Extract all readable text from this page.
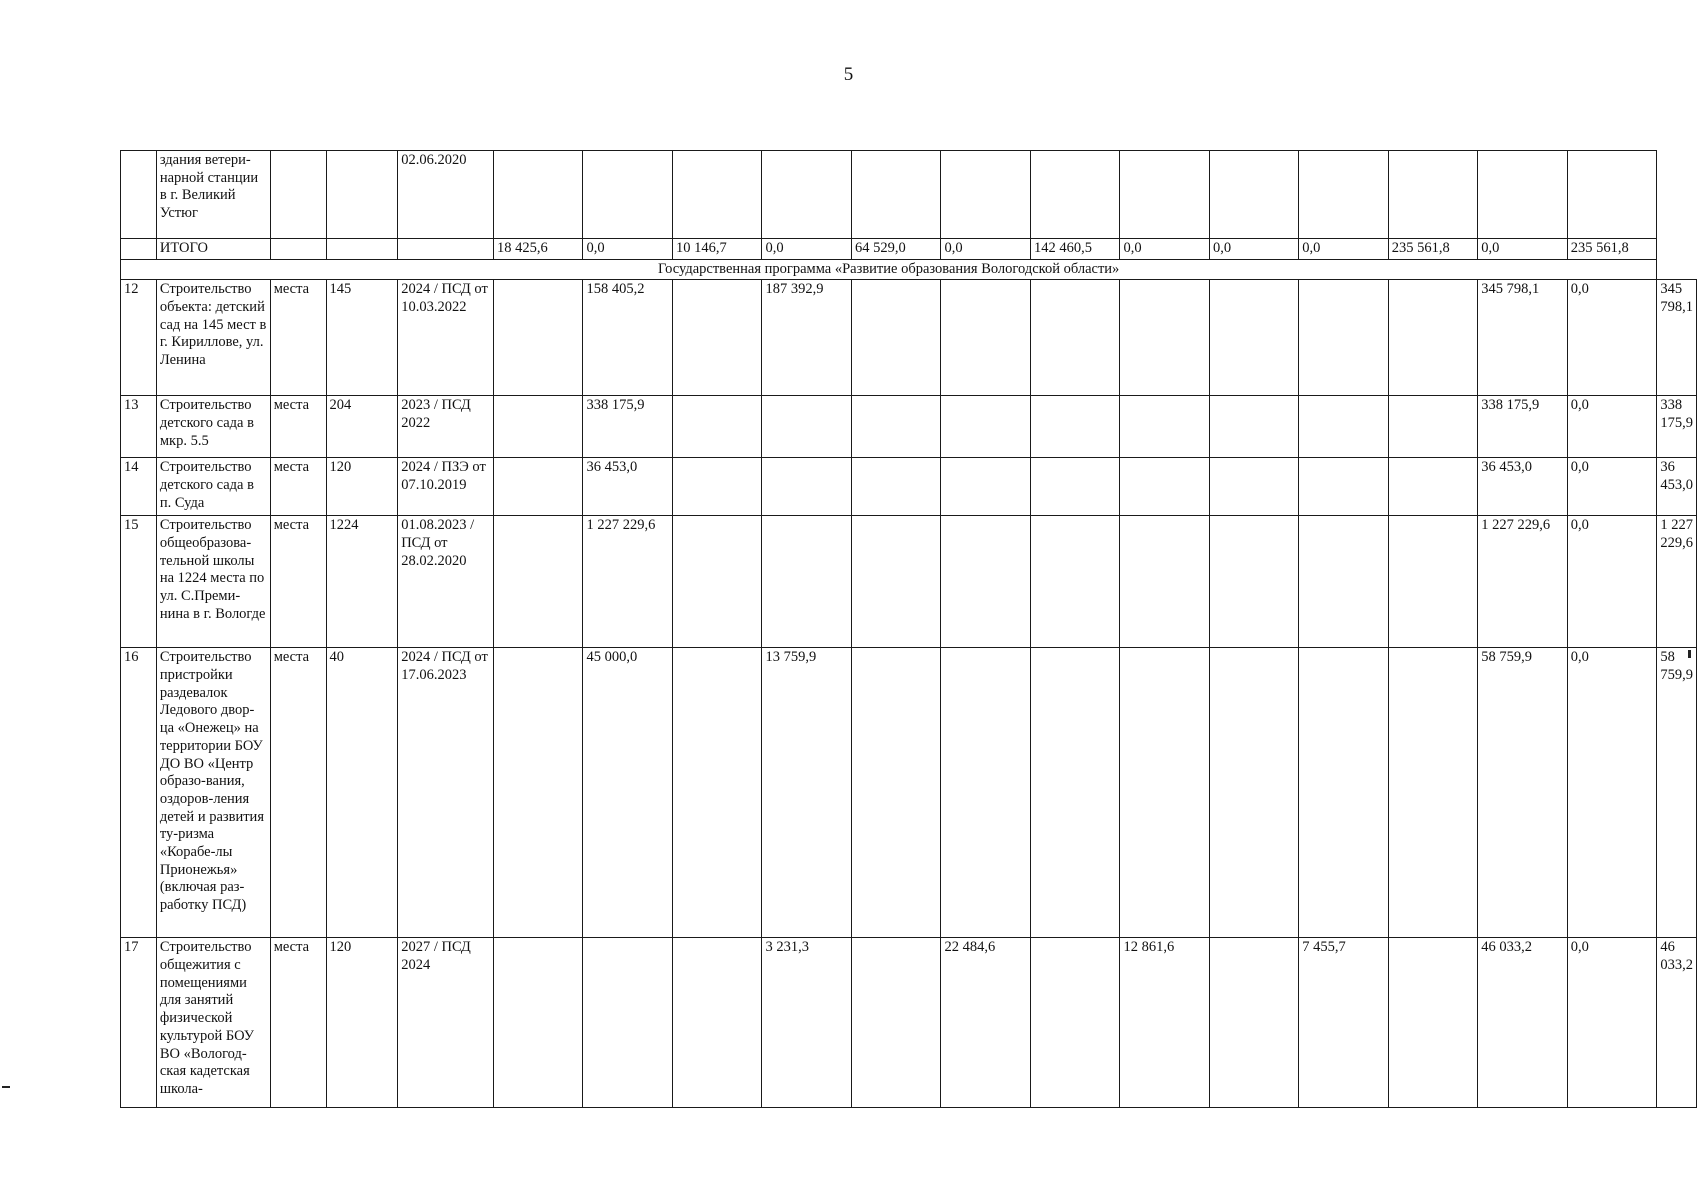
5
	здания ветери-нарной станции в г. Великий Устюг			02.06.2020														
	ИТОГО				18 425,6	0,0	10 146,7	0,0	64 529,0	0,0	142 460,5	0,0	0,0	0,0	235 561,8	0,0	235 561,8	
Государственная программа «Развитие образования Вологодской области»																		
12	Строительство объекта: детский сад на 145 мест в г. Кириллове, ул. Ленина	места	145	2024 / ПСД от 10.03.2022		158 405,2		187 392,9								345 798,1	0,0	345 798,1
13	Строительство детского сада в мкр. 5.5	места	204	2023 / ПСД 2022		338 175,9										338 175,9	0,0	338 175,9
14	Строительство детского сада в п. Суда	места	120	2024 / ПЗЭ от 07.10.2019		36 453,0										36 453,0	0,0	36 453,0
15	Строительство общеобразова-тельной школы на 1224 места по ул. С.Преми-нина в г. Вологде	места	1224	01.08.2023 / ПСД от 28.02.2020		1 227 229,6										1 227 229,6	0,0	1 227 229,6
16	Строительство пристройки раздевалок Ледового двор-ца «Онежец» на территории БОУ ДО ВО «Центр образо-вания, оздоров-ления детей и развития ту-ризма «Корабе-лы Прионежья» (включая раз-работку ПСД)	места	40	2024 / ПСД от 17.06.2023		45 000,0		13 759,9								58 759,9	0,0	58 759,9
17	Строительство общежития с помещениями для занятий физической культурой БОУ ВО «Вологод-ская кадетская школа-	места	120	2027 / ПСД 2024				3 231,3		22 484,6		12 861,6		7 455,7		46 033,2	0,0	46 033,2
